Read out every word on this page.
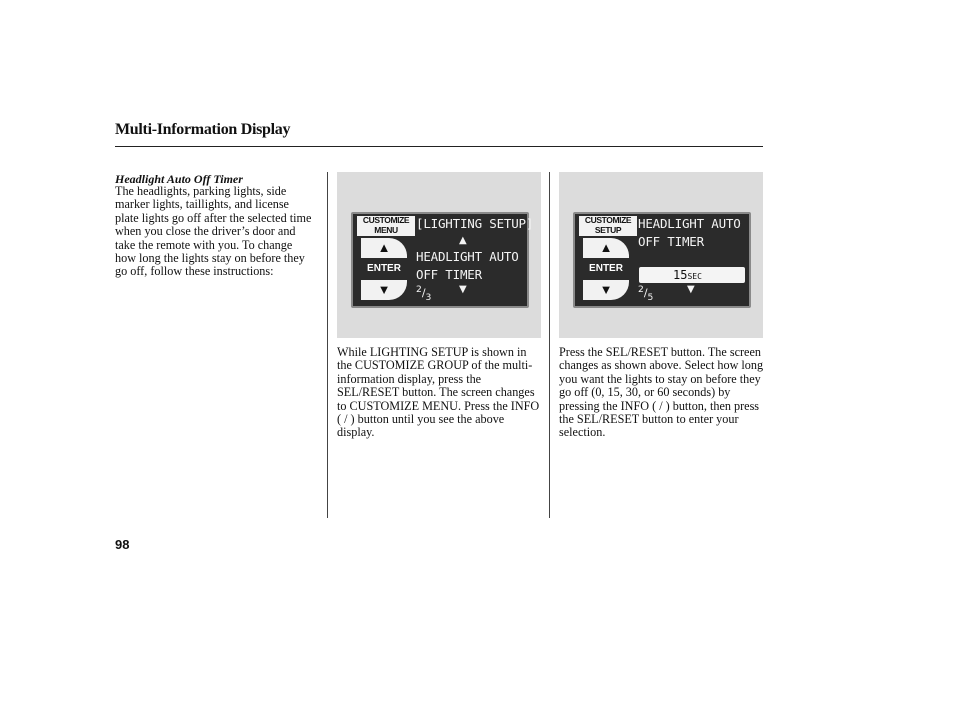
Multi-Information Display
Headlight Auto Off Timer
The headlights, parking lights, side marker lights, taillights, and license plate lights go off after the selected time when you close the driver’s door and take the remote with you. To change how long the lights stay on before they go off, follow these instructions:
CUSTOMIZE MENU
▲
ENTER
▼
[LIGHTING SETUP]
▲
HEADLIGHT AUTO
OFF TIMER
$^2/_3$
▼
CUSTOMIZE SETUP
▲
ENTER
▼
HEADLIGHT AUTO
OFF TIMER
15SEC
$^2/_5$
▼
While LIGHTING SETUP is shown in the CUSTOMIZE GROUP of the multi-information display, press the SEL/RESET button. The screen changes to CUSTOMIZE MENU. Press the INFO ( / ) button until you see the above display.
Press the SEL/RESET button. The screen changes as shown above. Select how long you want the lights to stay on before they go off (0, 15, 30, or 60 seconds) by pressing the INFO ( / ) button, then press the SEL/RESET button to enter your selection.
98
